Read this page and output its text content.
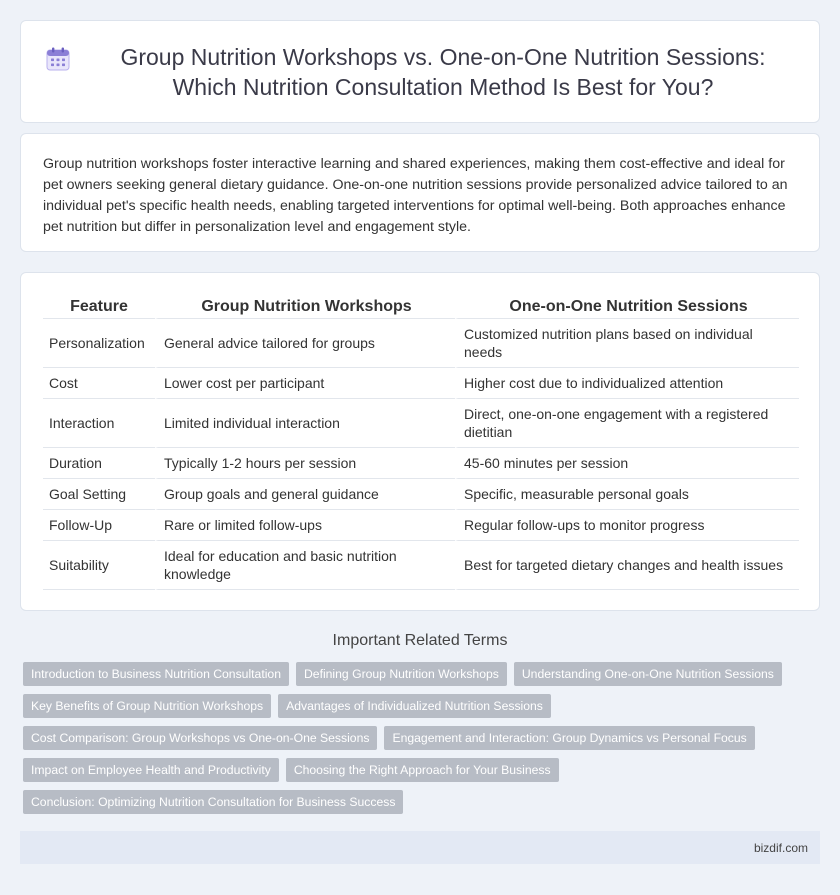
Group Nutrition Workshops vs. One-on-One Nutrition Sessions: Which Nutrition Consultation Method Is Best for You?

Group nutrition workshops foster interactive learning and shared experiences, making them cost-effective and ideal for pet owners seeking general dietary guidance. One-on-one nutrition sessions provide personalized advice tailored to an individual pet's specific health needs, enabling targeted interventions for optimal well-being. Both approaches enhance pet nutrition but differ in personalization level and engagement style.

Feature	Group Nutrition Workshops	One-on-One Nutrition Sessions
Personalization	General advice tailored for groups	Customized nutrition plans based on individual needs
Cost	Lower cost per participant	Higher cost due to individualized attention
Interaction	Limited individual interaction	Direct, one-on-one engagement with a registered dietitian
Duration	Typically 1-2 hours per session	45-60 minutes per session
Goal Setting	Group goals and general guidance	Specific, measurable personal goals
Follow-Up	Rare or limited follow-ups	Regular follow-ups to monitor progress
Suitability	Ideal for education and basic nutrition knowledge	Best for targeted dietary changes and health issues
Important Related Terms
Introduction to Business Nutrition Consultation	Defining Group Nutrition Workshops	Understanding One-on-One Nutrition Sessions
Key Benefits of Group Nutrition Workshops	Advantages of Individualized Nutrition Sessions
Cost Comparison: Group Workshops vs One-on-One Sessions	Engagement and Interaction: Group Dynamics vs Personal Focus
Impact on Employee Health and Productivity	Choosing the Right Approach for Your Business
Conclusion: Optimizing Nutrition Consultation for Business Success
bizdif.com
